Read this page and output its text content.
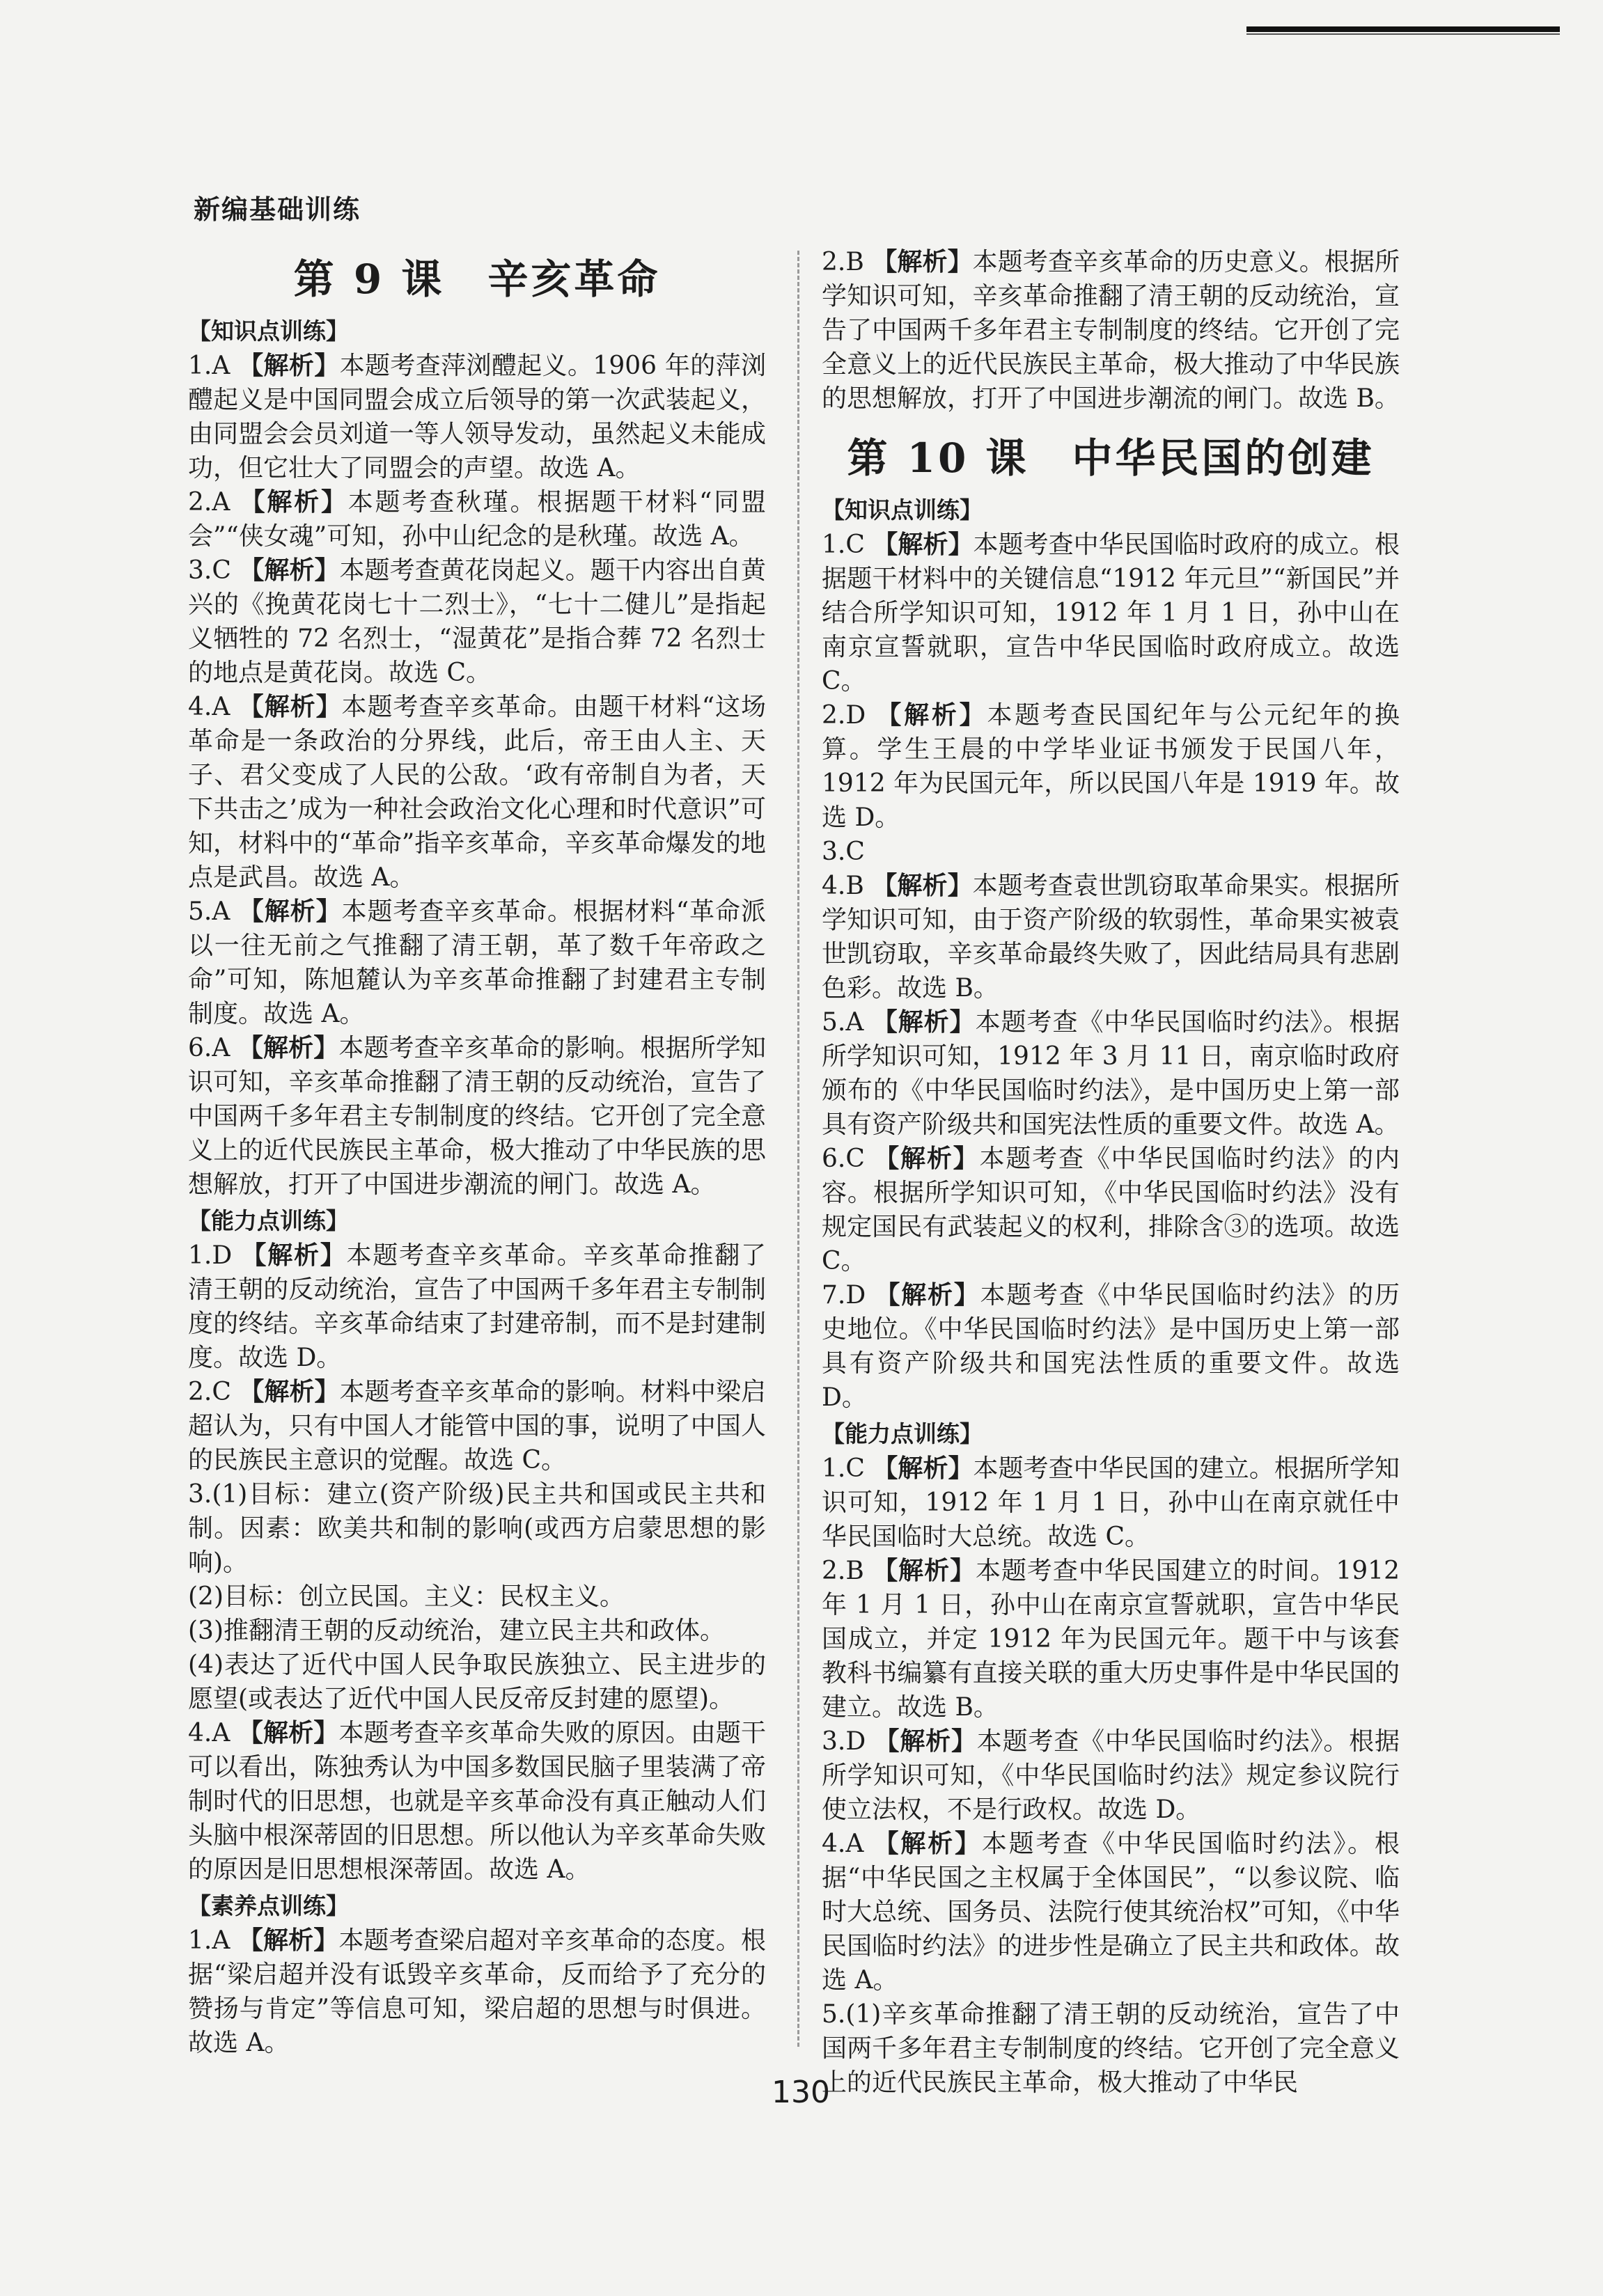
新编基础训练
第 9 课　辛亥革命
【知识点训练】

1.A 【解析】本题考查萍浏醴起义。1906 年的萍浏醴起义是中国同盟会成立后领导的第一次武装起义，由同盟会会员刘道一等人领导发动，虽然起义未能成功，但它壮大了同盟会的声望。故选 A。

2.A 【解析】本题考查秋瑾。根据题干材料“同盟会”“侠女魂”可知，孙中山纪念的是秋瑾。故选 A。

3.C 【解析】本题考查黄花岗起义。题干内容出自黄兴的《挽黄花岗七十二烈士》，“七十二健儿”是指起义牺牲的 72 名烈士，“湿黄花”是指合葬 72 名烈士的地点是黄花岗。故选 C。

4.A 【解析】本题考查辛亥革命。由题干材料“这场革命是一条政治的分界线，此后，帝王由人主、天子、君父变成了人民的公敌。‘政有帝制自为者，天下共击之’成为一种社会政治文化心理和时代意识”可知，材料中的“革命”指辛亥革命，辛亥革命爆发的地点是武昌。故选 A。

5.A 【解析】本题考查辛亥革命。根据材料“革命派以一往无前之气推翻了清王朝，革了数千年帝政之命”可知，陈旭麓认为辛亥革命推翻了封建君主专制制度。故选 A。

6.A 【解析】本题考查辛亥革命的影响。根据所学知识可知，辛亥革命推翻了清王朝的反动统治，宣告了中国两千多年君主专制制度的终结。它开创了完全意义上的近代民族民主革命，极大推动了中华民族的思想解放，打开了中国进步潮流的闸门。故选 A。

【能力点训练】

1.D 【解析】本题考查辛亥革命。辛亥革命推翻了清王朝的反动统治，宣告了中国两千多年君主专制制度的终结。辛亥革命结束了封建帝制，而不是封建制度。故选 D。

2.C 【解析】本题考查辛亥革命的影响。材料中梁启超认为，只有中国人才能管中国的事，说明了中国人的民族民主意识的觉醒。故选 C。

3.(1)目标：建立(资产阶级)民主共和国或民主共和制。因素：欧美共和制的影响(或西方启蒙思想的影响)。

(2)目标：创立民国。主义：民权主义。

(3)推翻清王朝的反动统治，建立民主共和政体。

(4)表达了近代中国人民争取民族独立、民主进步的愿望(或表达了近代中国人民反帝反封建的愿望)。

4.A 【解析】本题考查辛亥革命失败的原因。由题干可以看出，陈独秀认为中国多数国民脑子里装满了帝制时代的旧思想，也就是辛亥革命没有真正触动人们头脑中根深蒂固的旧思想。所以他认为辛亥革命失败的原因是旧思想根深蒂固。故选 A。

【素养点训练】

1.A 【解析】本题考查梁启超对辛亥革命的态度。根据“梁启超并没有诋毁辛亥革命，反而给予了充分的赞扬与肯定”等信息可知，梁启超的思想与时俱进。故选 A。

2.B 【解析】本题考查辛亥革命的历史意义。根据所学知识可知，辛亥革命推翻了清王朝的反动统治，宣告了中国两千多年君主专制制度的终结。它开创了完全意义上的近代民族民主革命，极大推动了中华民族的思想解放，打开了中国进步潮流的闸门。故选 B。

第 10 课　中华民国的创建
【知识点训练】

1.C 【解析】本题考查中华民国临时政府的成立。根据题干材料中的关键信息“1912 年元旦”“新国民”并结合所学知识可知，1912 年 1 月 1 日，孙中山在南京宣誓就职，宣告中华民国临时政府成立。故选 C。

2.D 【解析】本题考查民国纪年与公元纪年的换算。学生王晨的中学毕业证书颁发于民国八年，1912 年为民国元年，所以民国八年是 1919 年。故选 D。

3.C

4.B 【解析】本题考查袁世凯窃取革命果实。根据所学知识可知，由于资产阶级的软弱性，革命果实被袁世凯窃取，辛亥革命最终失败了，因此结局具有悲剧色彩。故选 B。

5.A 【解析】本题考查《中华民国临时约法》。根据所学知识可知，1912 年 3 月 11 日，南京临时政府颁布的《中华民国临时约法》，是中国历史上第一部具有资产阶级共和国宪法性质的重要文件。故选 A。

6.C 【解析】本题考查《中华民国临时约法》的内容。根据所学知识可知，《中华民国临时约法》没有规定国民有武装起义的权利，排除含③的选项。故选 C。

7.D 【解析】本题考查《中华民国临时约法》的历史地位。《中华民国临时约法》是中国历史上第一部具有资产阶级共和国宪法性质的重要文件。故选 D。

【能力点训练】

1.C 【解析】本题考查中华民国的建立。根据所学知识可知，1912 年 1 月 1 日，孙中山在南京就任中华民国临时大总统。故选 C。

2.B 【解析】本题考查中华民国建立的时间。1912 年 1 月 1 日，孙中山在南京宣誓就职，宣告中华民国成立，并定 1912 年为民国元年。题干中与该套教科书编纂有直接关联的重大历史事件是中华民国的建立。故选 B。

3.D 【解析】本题考查《中华民国临时约法》。根据所学知识可知，《中华民国临时约法》规定参议院行使立法权，不是行政权。故选 D。

4.A 【解析】本题考查《中华民国临时约法》。根据“中华民国之主权属于全体国民”，“以参议院、临时大总统、国务员、法院行使其统治权”可知，《中华民国临时约法》的进步性是确立了民主共和政体。故选 A。

5.(1)辛亥革命推翻了清王朝的反动统治，宣告了中国两千多年君主专制制度的终结。它开创了完全意义上的近代民族民主革命，极大推动了中华民

130
